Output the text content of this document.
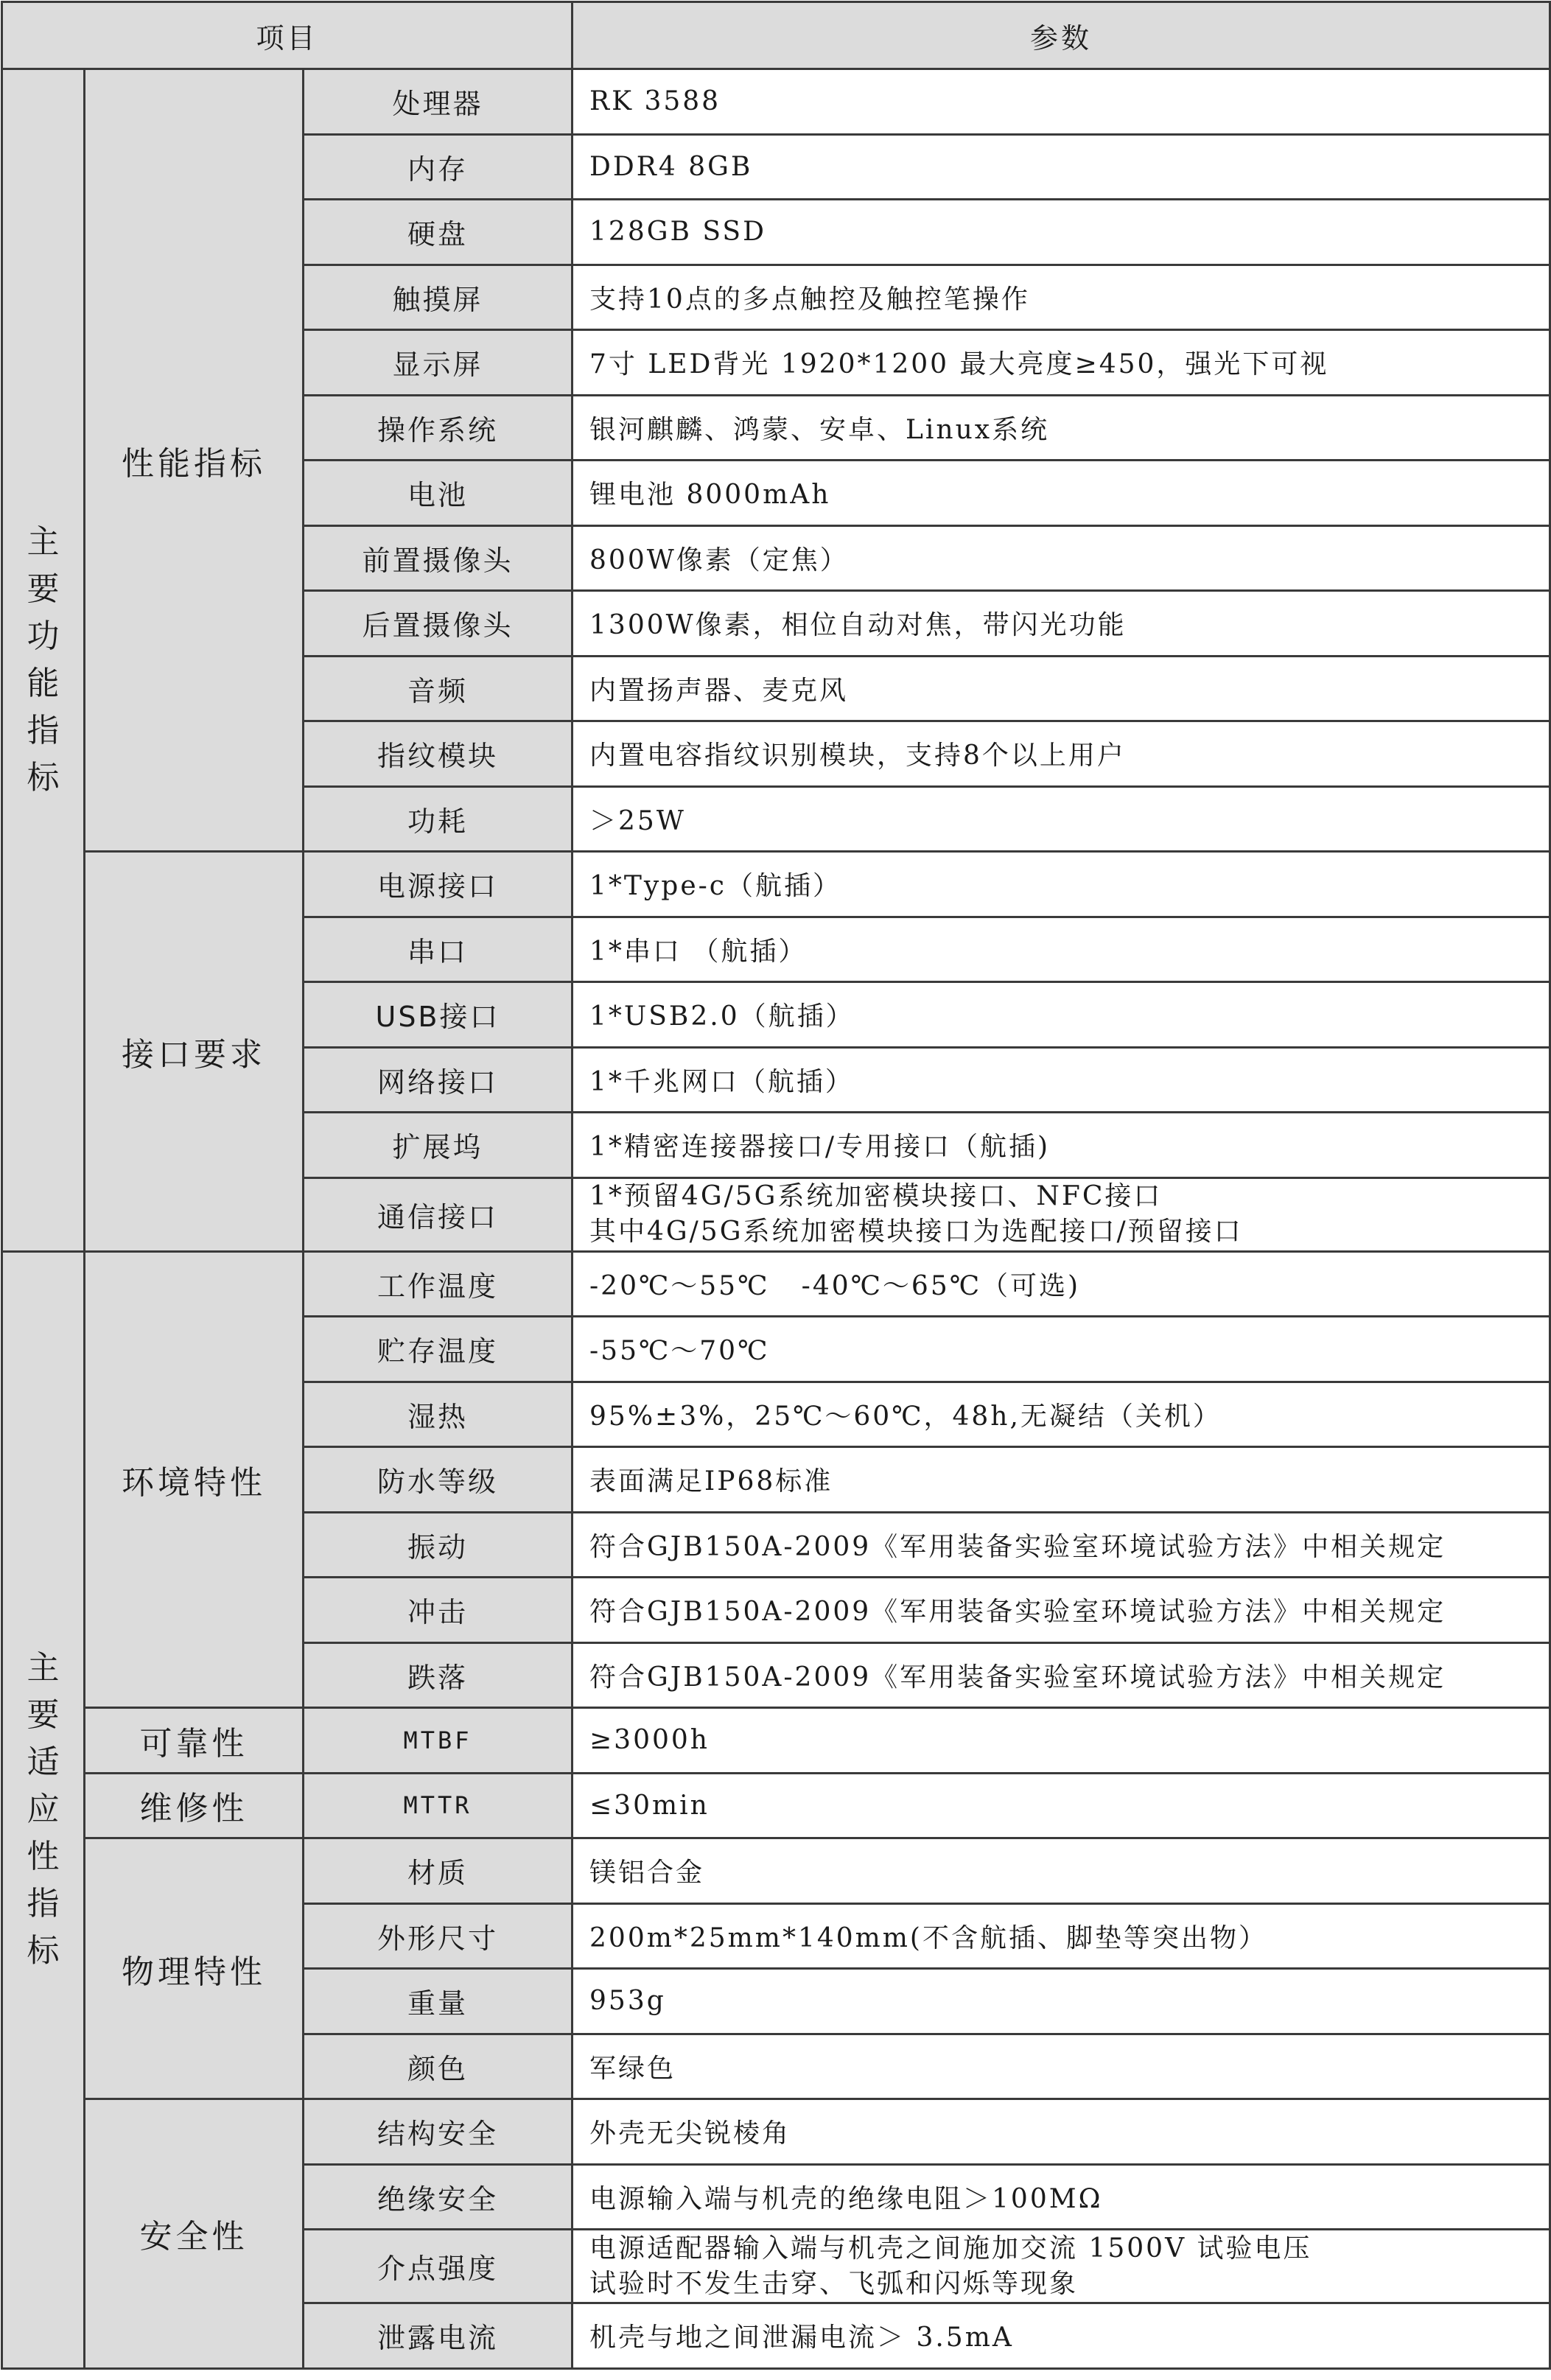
项目			参数
主要功能指标	性能指标	处理器	RK 3588
		内存	DDR4 8GB
		硬盘	128GB SSD
		触摸屏	支持10点的多点触控及触控笔操作
		显示屏	7寸 LED背光 1920*1200 最大亮度≥450，强光下可视
		操作系统	银河麒麟、鸿蒙、安卓、Linux系统
		电池	锂电池 8000mAh
		前置摄像头	800W像素（定焦）
		后置摄像头	1300W像素，相位自动对焦，带闪光功能
		音频	内置扬声器、麦克风
		指纹模块	内置电容指纹识别模块，支持8个以上用户
		功耗	＞25W
	接口要求	电源接口	1*Type-c（航插）
		串口	1*串口 （航插）
		USB接口	1*USB2.0（航插）
		网络接口	1*千兆网口（航插）
		扩展坞	1*精密连接器接口/专用接口（航插)
		通信接口	1*预留4G/5G系统加密模块接口、NFC接口
其中4G/5G系统加密模块接口为选配接口/预留接口

主要适应性指标	环境特性	工作温度	-20℃～55℃   -40℃～65℃（可选)
		贮存温度	-55℃～70℃
		湿热	95%±3%，25℃～60℃，48h,无凝结（关机）
		防水等级	表面满足IP68标准
		振动	符合GJB150A-2009《军用装备实验室环境试验方法》中相关规定
		冲击	符合GJB150A-2009《军用装备实验室环境试验方法》中相关规定
		跌落	符合GJB150A-2009《军用装备实验室环境试验方法》中相关规定
	可靠性	MTBF	≥3000h
	维修性	MTTR	≤30min
	物理特性	材质	镁铝合金
		外形尺寸	200m*25mm*140mm(不含航插、脚垫等突出物）
		重量	953g
		颜色	军绿色
	安全性	结构安全	外壳无尖锐棱角
		绝缘安全	电源输入端与机壳的绝缘电阻＞100MΩ
		介点强度	电源适配器输入端与机壳之间施加交流 1500V 试验电压
试验时不发生击穿、飞弧和闪烁等现象

		泄露电流	机壳与地之间泄漏电流＞ 3.5mA
